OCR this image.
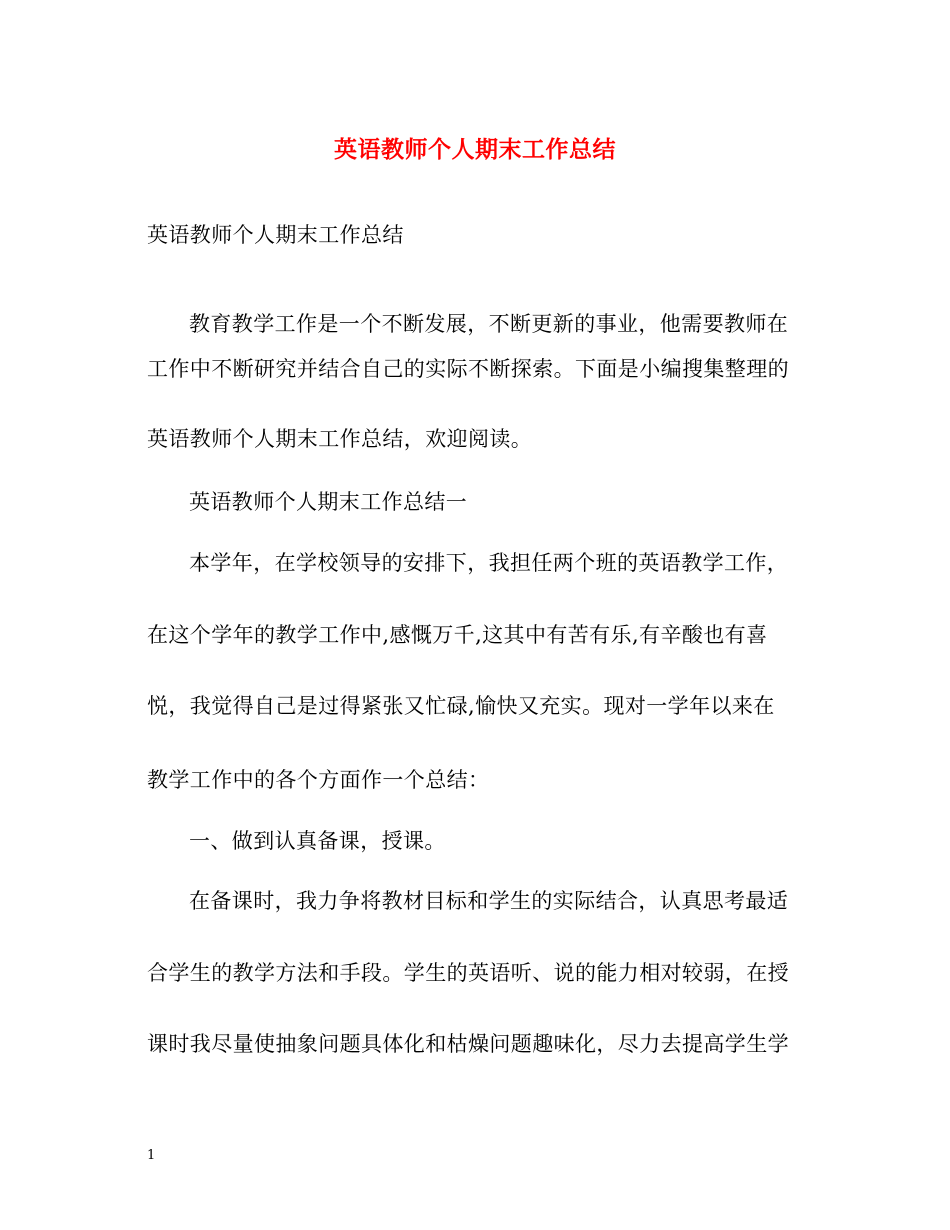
英语教师个人期末工作总结
英语教师个人期末工作总结
教育教学工作是一个不断发展，不断更新的事业，他需要教师在
工作中不断研究并结合自己的实际不断探索。下面是小编搜集整理的
英语教师个人期末工作总结，欢迎阅读。
英语教师个人期末工作总结一
本学年，在学校领导的安排下，我担任两个班的英语教学工作，
在这个学年的教学工作中,感慨万千,这其中有苦有乐,有辛酸也有喜
悦，我觉得自己是过得紧张又忙碌,愉快又充实。现对一学年以来在
教学工作中的各个方面作一个总结：
一、做到认真备课，授课。
在备课时，我力争将教材目标和学生的实际结合，认真思考最适
合学生的教学方法和手段。学生的英语听、说的能力相对较弱，在授
课时我尽量使抽象问题具体化和枯燥问题趣味化，尽力去提高学生学
1
